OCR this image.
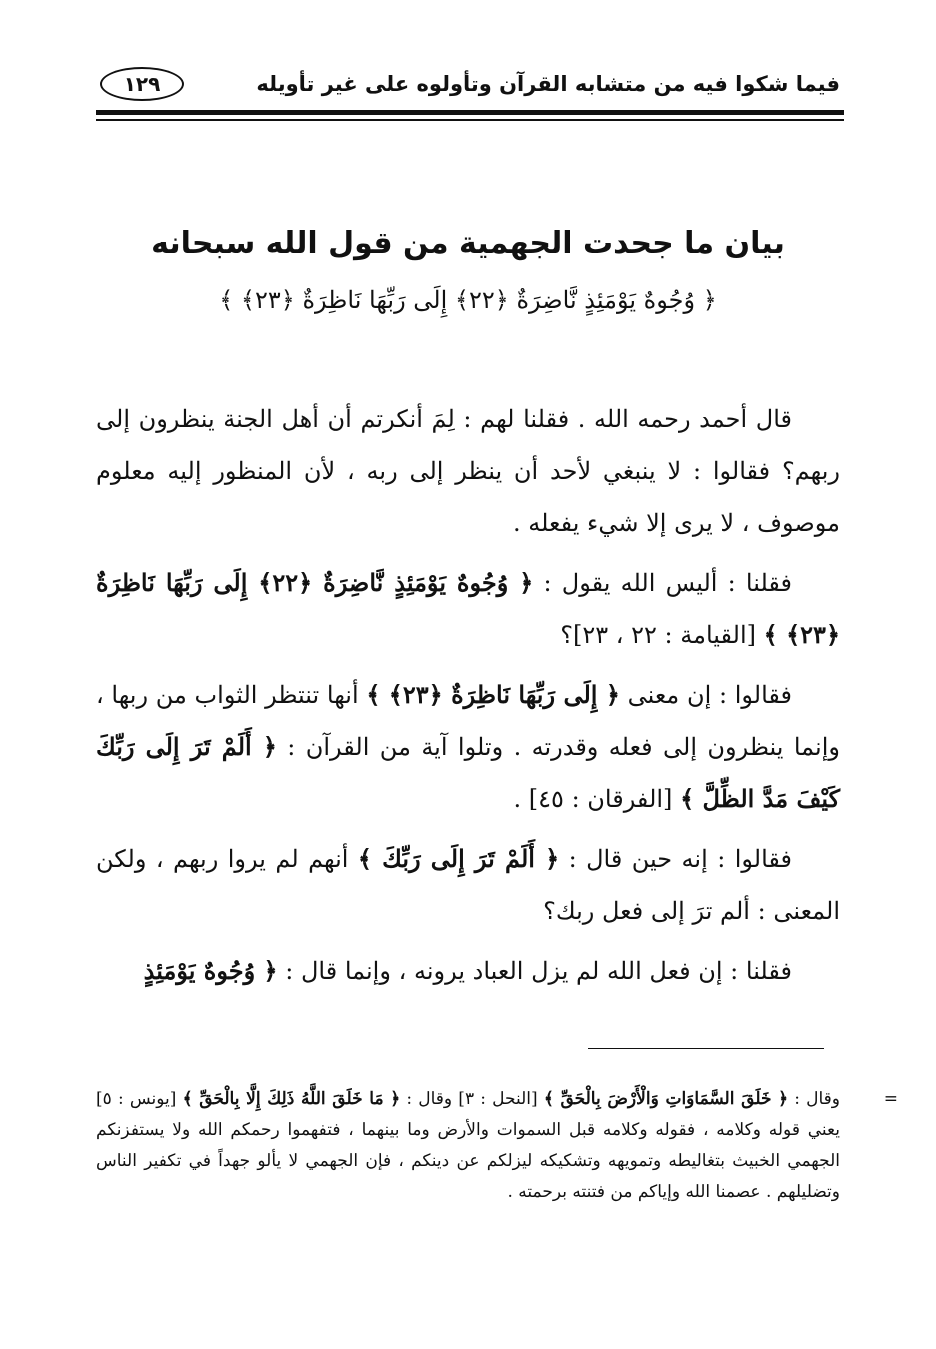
فيما شكوا فيه من متشابه القرآن وتأولوه على غير تأويله
١٢٩
بيان ما جحدت الجهمية من قول الله سبحانه
﴿ وُجُوهٌ يَوْمَئِذٍ نَّاضِرَةٌ ﴿٢٢﴾ إِلَى رَبِّهَا نَاظِرَةٌ ﴿٢٣﴾ ﴾

قال أحمد رحمه الله . فقلنا لهم : لِمَ أنكرتم أن أهل الجنة ينظرون إلى ربهم؟ فقالوا : لا ينبغي لأحد أن ينظر إلى ربه ، لأن المنظور إليه معلوم موصوف ، لا يرى إلا شيء يفعله .

فقلنا : أليس الله يقول : ﴿ وُجُوهٌ يَوْمَئِذٍ نَّاضِرَةٌ ﴿٢٢﴾ إِلَى رَبِّهَا نَاظِرَةٌ ﴿٢٣﴾ ﴾ [القيامة : ٢٢ ، ٢٣]؟

فقالوا : إن معنى ﴿ إِلَى رَبِّهَا نَاظِرَةٌ ﴿٢٣﴾ ﴾ أنها تنتظر الثواب من ربها ، وإنما ينظرون إلى فعله وقدرته . وتلوا آية من القرآن : ﴿ أَلَمْ تَرَ إِلَى رَبِّكَ كَيْفَ مَدَّ الظِّلَّ ﴾ [الفرقان : ٤٥] .

فقالوا : إنه حين قال : ﴿ أَلَمْ تَرَ إِلَى رَبِّكَ ﴾ أنهم لم يروا ربهم ، ولكن المعنى : ألم ترَ إلى فعل ربك؟

فقلنا : إن فعل الله لم يزل العباد يرونه ، وإنما قال : ﴿ وُجُوهٌ يَوْمَئِذٍ

=
وقال : ﴿ خَلَقَ السَّمَاوَاتِ وَالْأَرْضَ بِالْحَقِّ ﴾ [النحل : ٣] وقال : ﴿ مَا خَلَقَ اللَّهُ ذَلِكَ إِلَّا بِالْحَقِّ ﴾ [يونس : ٥] يعني قوله وكلامه ، فقوله وكلامه قبل السموات والأرض وما بينهما ، فتفهموا رحمكم الله ولا يستفزنكم الجهمي الخبيث بتغاليطه وتمويهه وتشكيكه ليزلكم عن دينكم ، فإن الجهمي لا يألو جهداً في تكفير الناس وتضليلهم . عصمنا الله وإياكم من فتنته برحمته .
